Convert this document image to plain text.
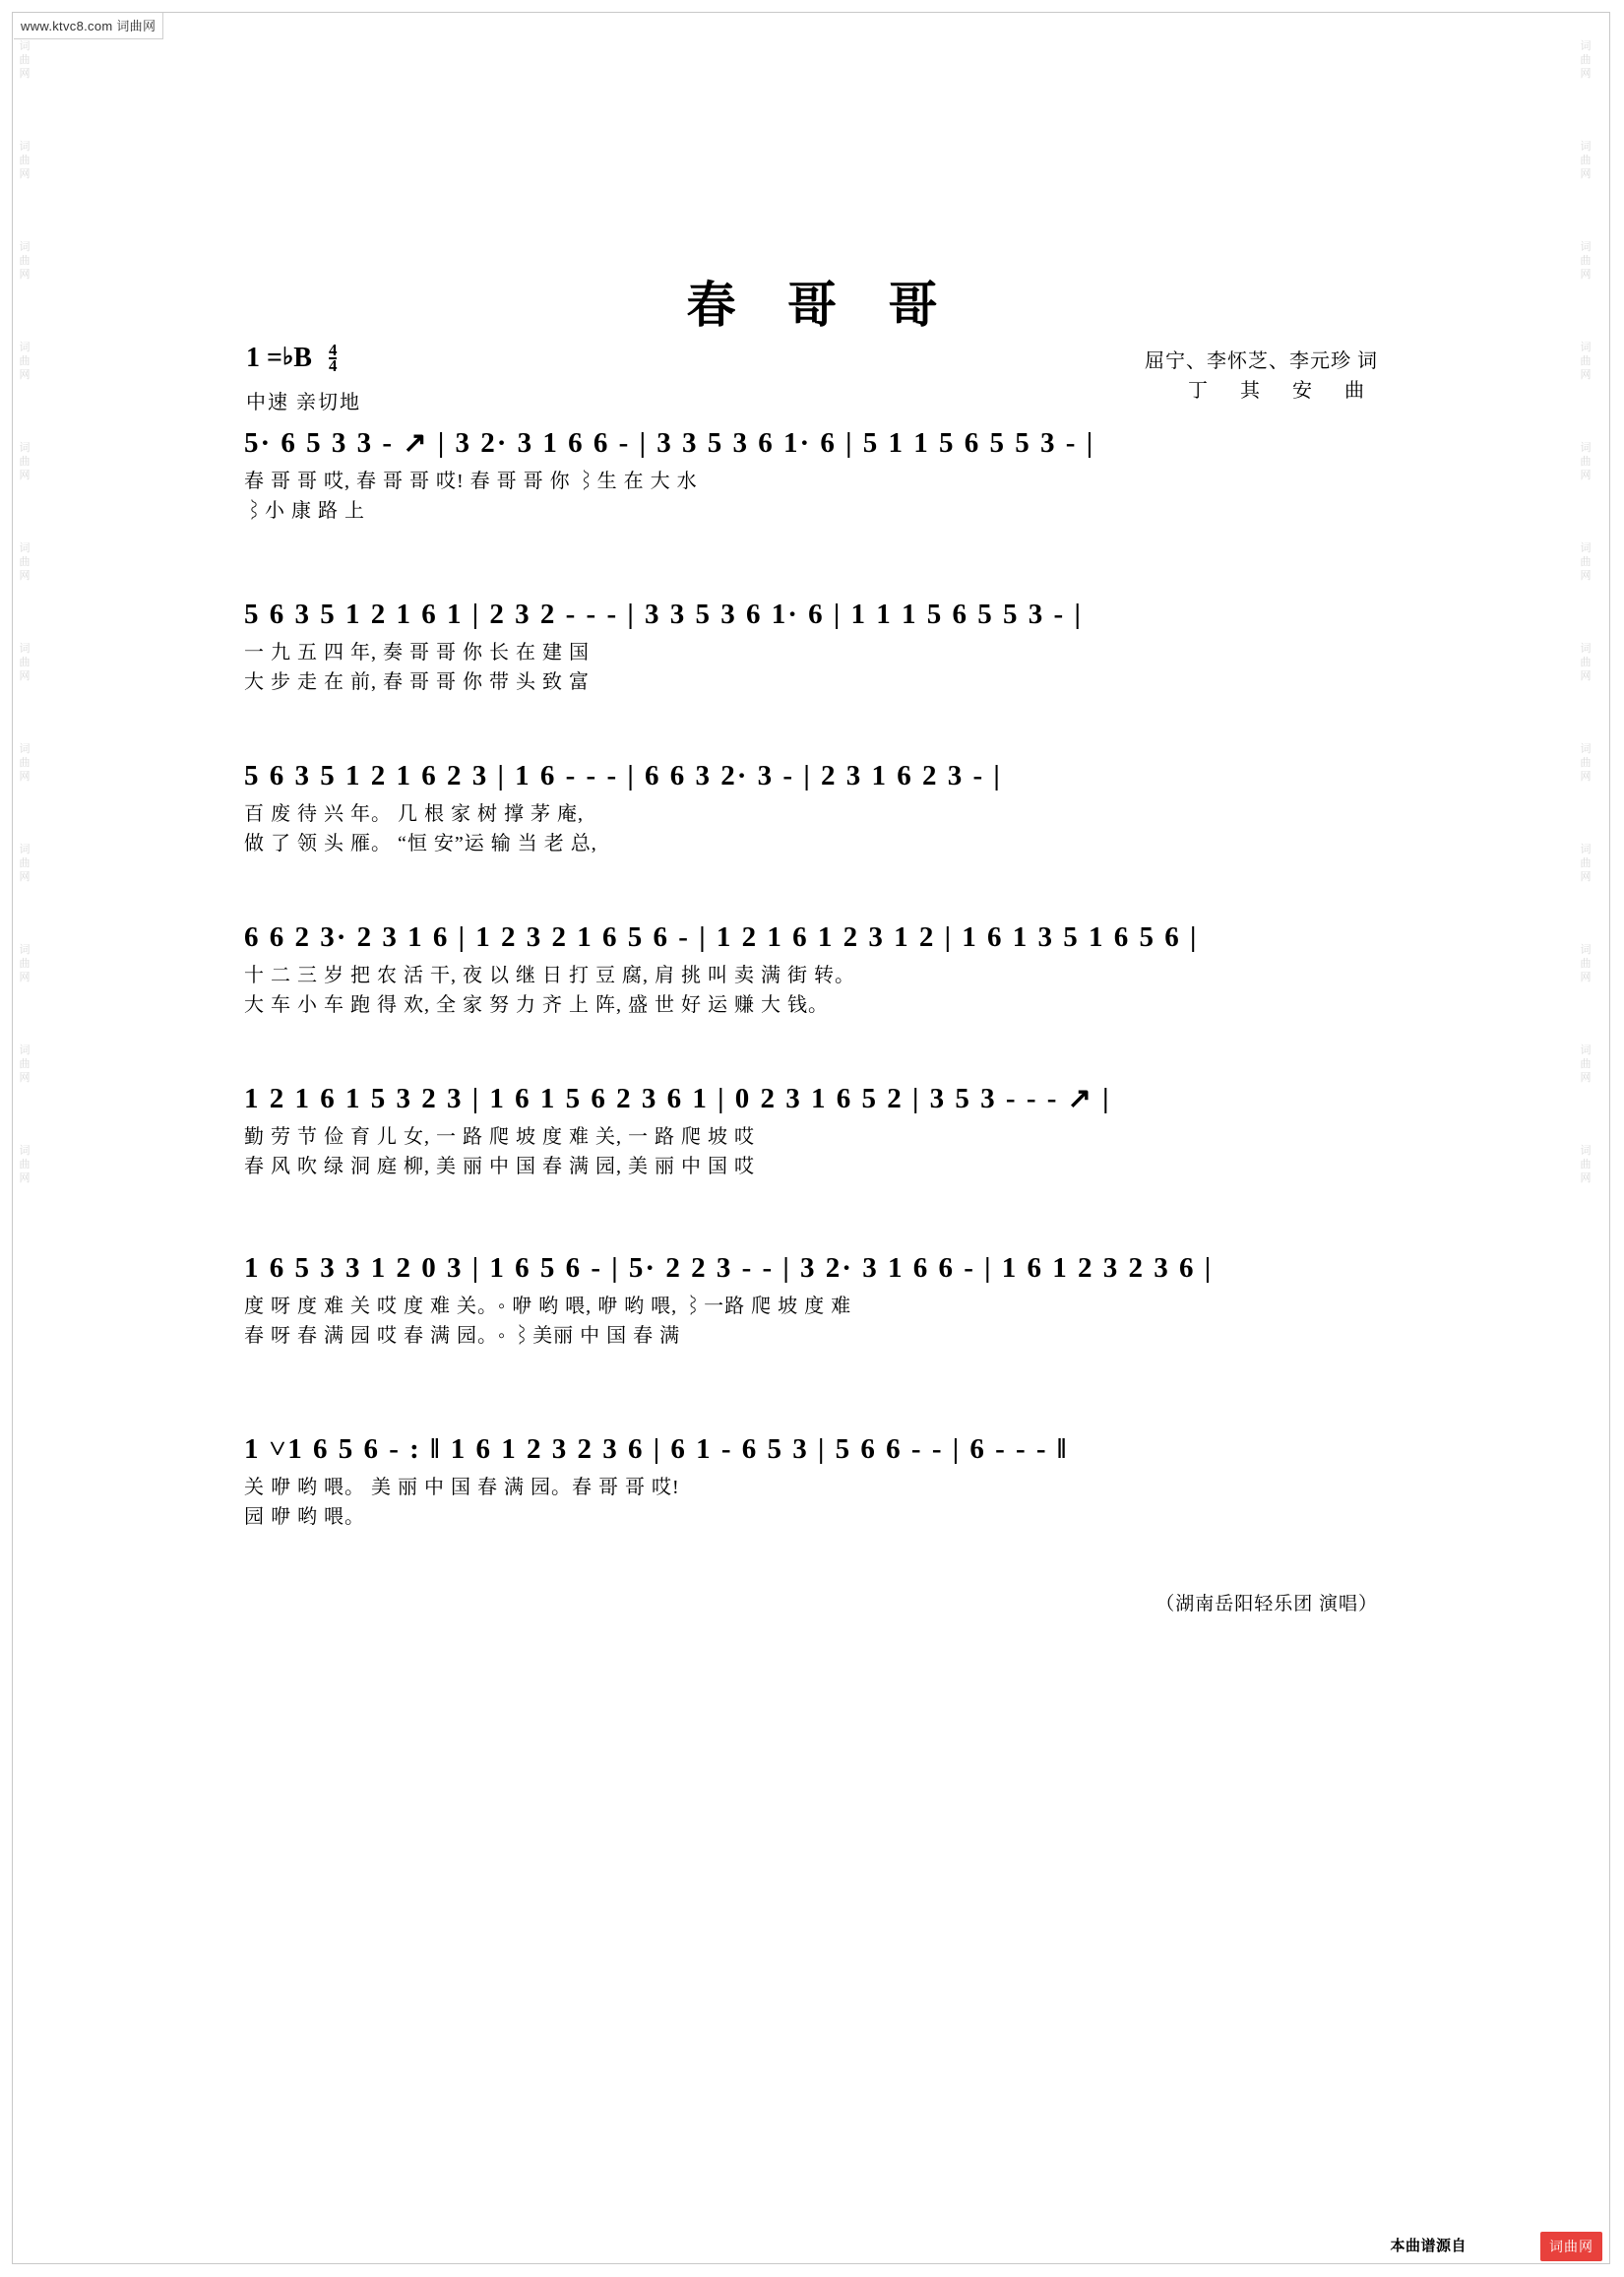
www.ktvc8.com 词曲网
词
曲
网
词
曲
网
词
曲
网
词
曲
网
词
曲
网
词
曲
网
词
曲
网
词
曲
网
词
曲
网
词
曲
网
词
曲
网
词
曲
网
词
曲
网
词
曲
网
词
曲
网
词
曲
网
词
曲
网
词
曲
网
词
曲
网
词
曲
网
词
曲
网
词
曲
网
词
曲
网
词
曲
网
春 哥 哥
1 =♭B $\frac{4}{4}$
中速 亲切地
屈宁、李怀芝、李元珍 词
丁 其 安 曲
5· 6 5 3 3 - ↗ | 3 2· 3 1 6 6 - | 3 3 5 3 6 1· 6 | 5 1 1 5 6 5 5 3 - |
春 哥 哥 哎, 春 哥 哥 哎! 春 哥 哥 你 ⌇生 在 大 水
⌇小 康 路 上
5 6 3 5 1 2 1 6 1 | 2 3 2 - - - | 3 3 5 3 6 1· 6 | 1 1 1 5 6 5 5 3 - |
一 九 五 四 年, 奏 哥 哥 你 长 在 建 国
大 步 走 在 前, 春 哥 哥 你 带 头 致 富
5 6 3 5 1 2 1 6 2 3 | 1 6 - - - | 6 6 3 2· 3 - | 2 3 1 6 2 3 - |
百 废 待 兴 年。 几 根 家 树 撑 茅 庵,
做 了 领 头 雁。 “恒 安”运 输 当 老 总,
6 6 2 3· 2 3 1 6 | 1 2 3 2 1 6 5 6 - | 1 2 1 6 1 2 3 1 2 | 1 6 1 3 5 1 6 5 6 |
十 二 三 岁 把 农 活 干, 夜 以 继 日 打 豆 腐, 肩 挑 叫 卖 满 街 转。
大 车 小 车 跑 得 欢, 全 家 努 力 齐 上 阵, 盛 世 好 运 赚 大 钱。
1 2 1 6 1 5 3 2 3 | 1 6 1 5 6 2 3 6 1 | 0 2 3 1 6 5 2 | 3 5 3 - - - ↗ |
勤 劳 节 俭 育 儿 女, 一 路 爬 坡 度 难 关, 一 路 爬 坡 哎
春 风 吹 绿 洞 庭 柳, 美 丽 中 国 春 满 园, 美 丽 中 国 哎
1 6 5 3 3 1 2 0 3 | 1 6 5 6 - | 5· 2 2 3 - - | 3 2· 3 1 6 6 - | 1 6 1 2 3 2 3 6 |
度 呀 度 难 关 哎 度 难 关。◦ 咿 哟 喂, 咿 哟 喂, ⌇一路 爬 坡 度 难
春 呀 春 满 园 哎 春 满 园。◦ ⌇美丽 中 国 春 满
1 ˅1 6 5 6 - : ‖ 1 6 1 2 3 2 3 6 | 6 1 - 6 5 3 | 5 6 6 - - | 6 - - - ‖
关 咿 哟 喂。 美 丽 中 国 春 满 园。春 哥 哥 哎!
园 咿 哟 喂。
（湖南岳阳轻乐团 演唱）
本曲谱源自	词曲网
